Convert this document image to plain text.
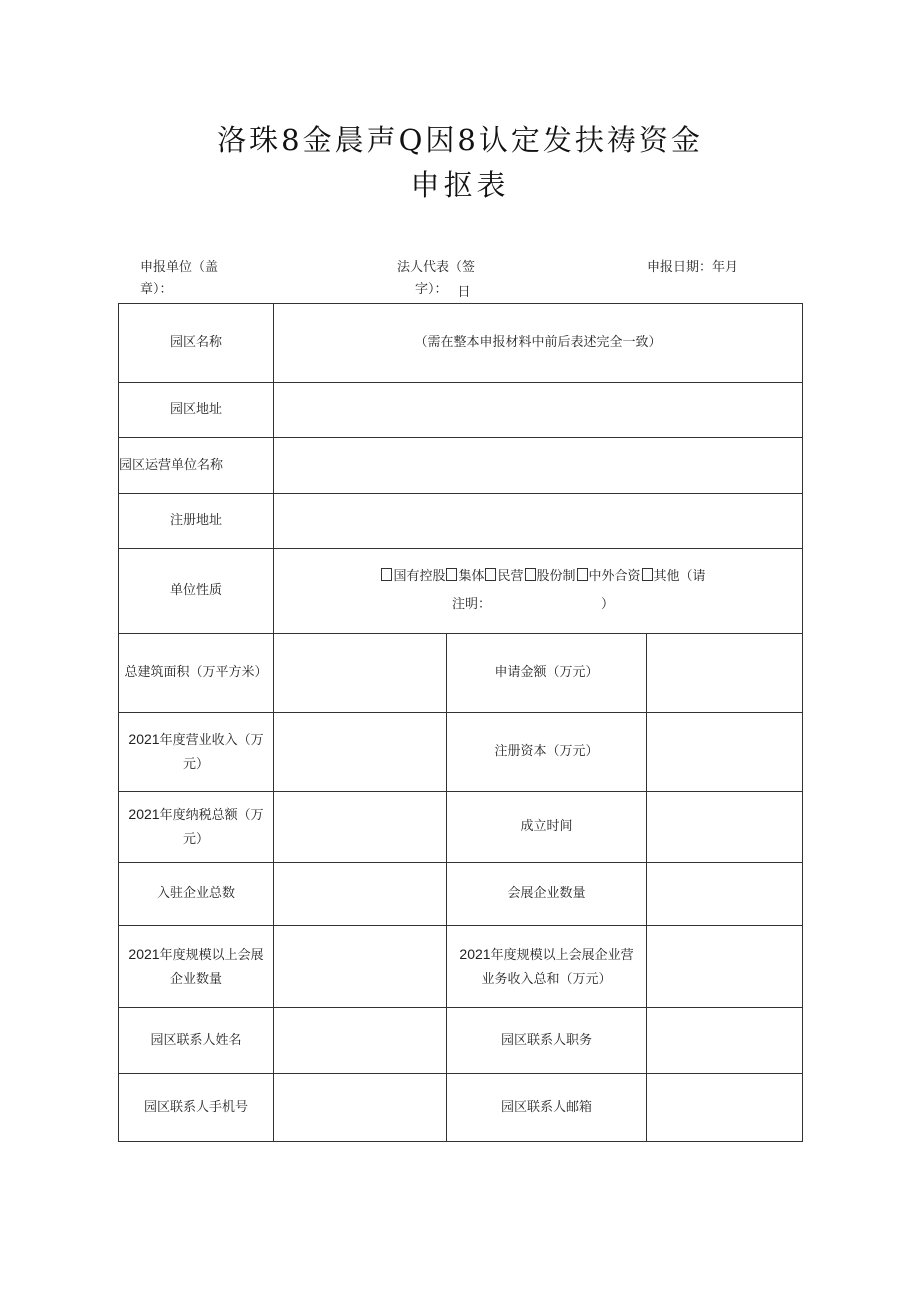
洛珠8金晨声Q因8认定发扶祷资金
申抠表
申报单位（盖
章）：
法人代表（签
字）： 日
申报日期：年月
园区名称	（需在整本申报材料中前后表述完全一致）		
园区地址			
园区运营单位名称			
注册地址			
单位性质	国有控股 集体 民营 股份制 中外合资 其他（请
注明： ）		

总建筑面积（万平方米）		申请金额（万元）	
2021年度营业收入（万
元）		注册资本（万元）	
2021年度纳税总额（万
元）		成立时间	
入驻企业总数		会展企业数量	
2021年度规模以上会展
企业数量		2021年度规模以上会展企业营
业务收入总和（万元）	
园区联系人姓名		园区联系人职务	
园区联系人手机号		园区联系人邮箱	
